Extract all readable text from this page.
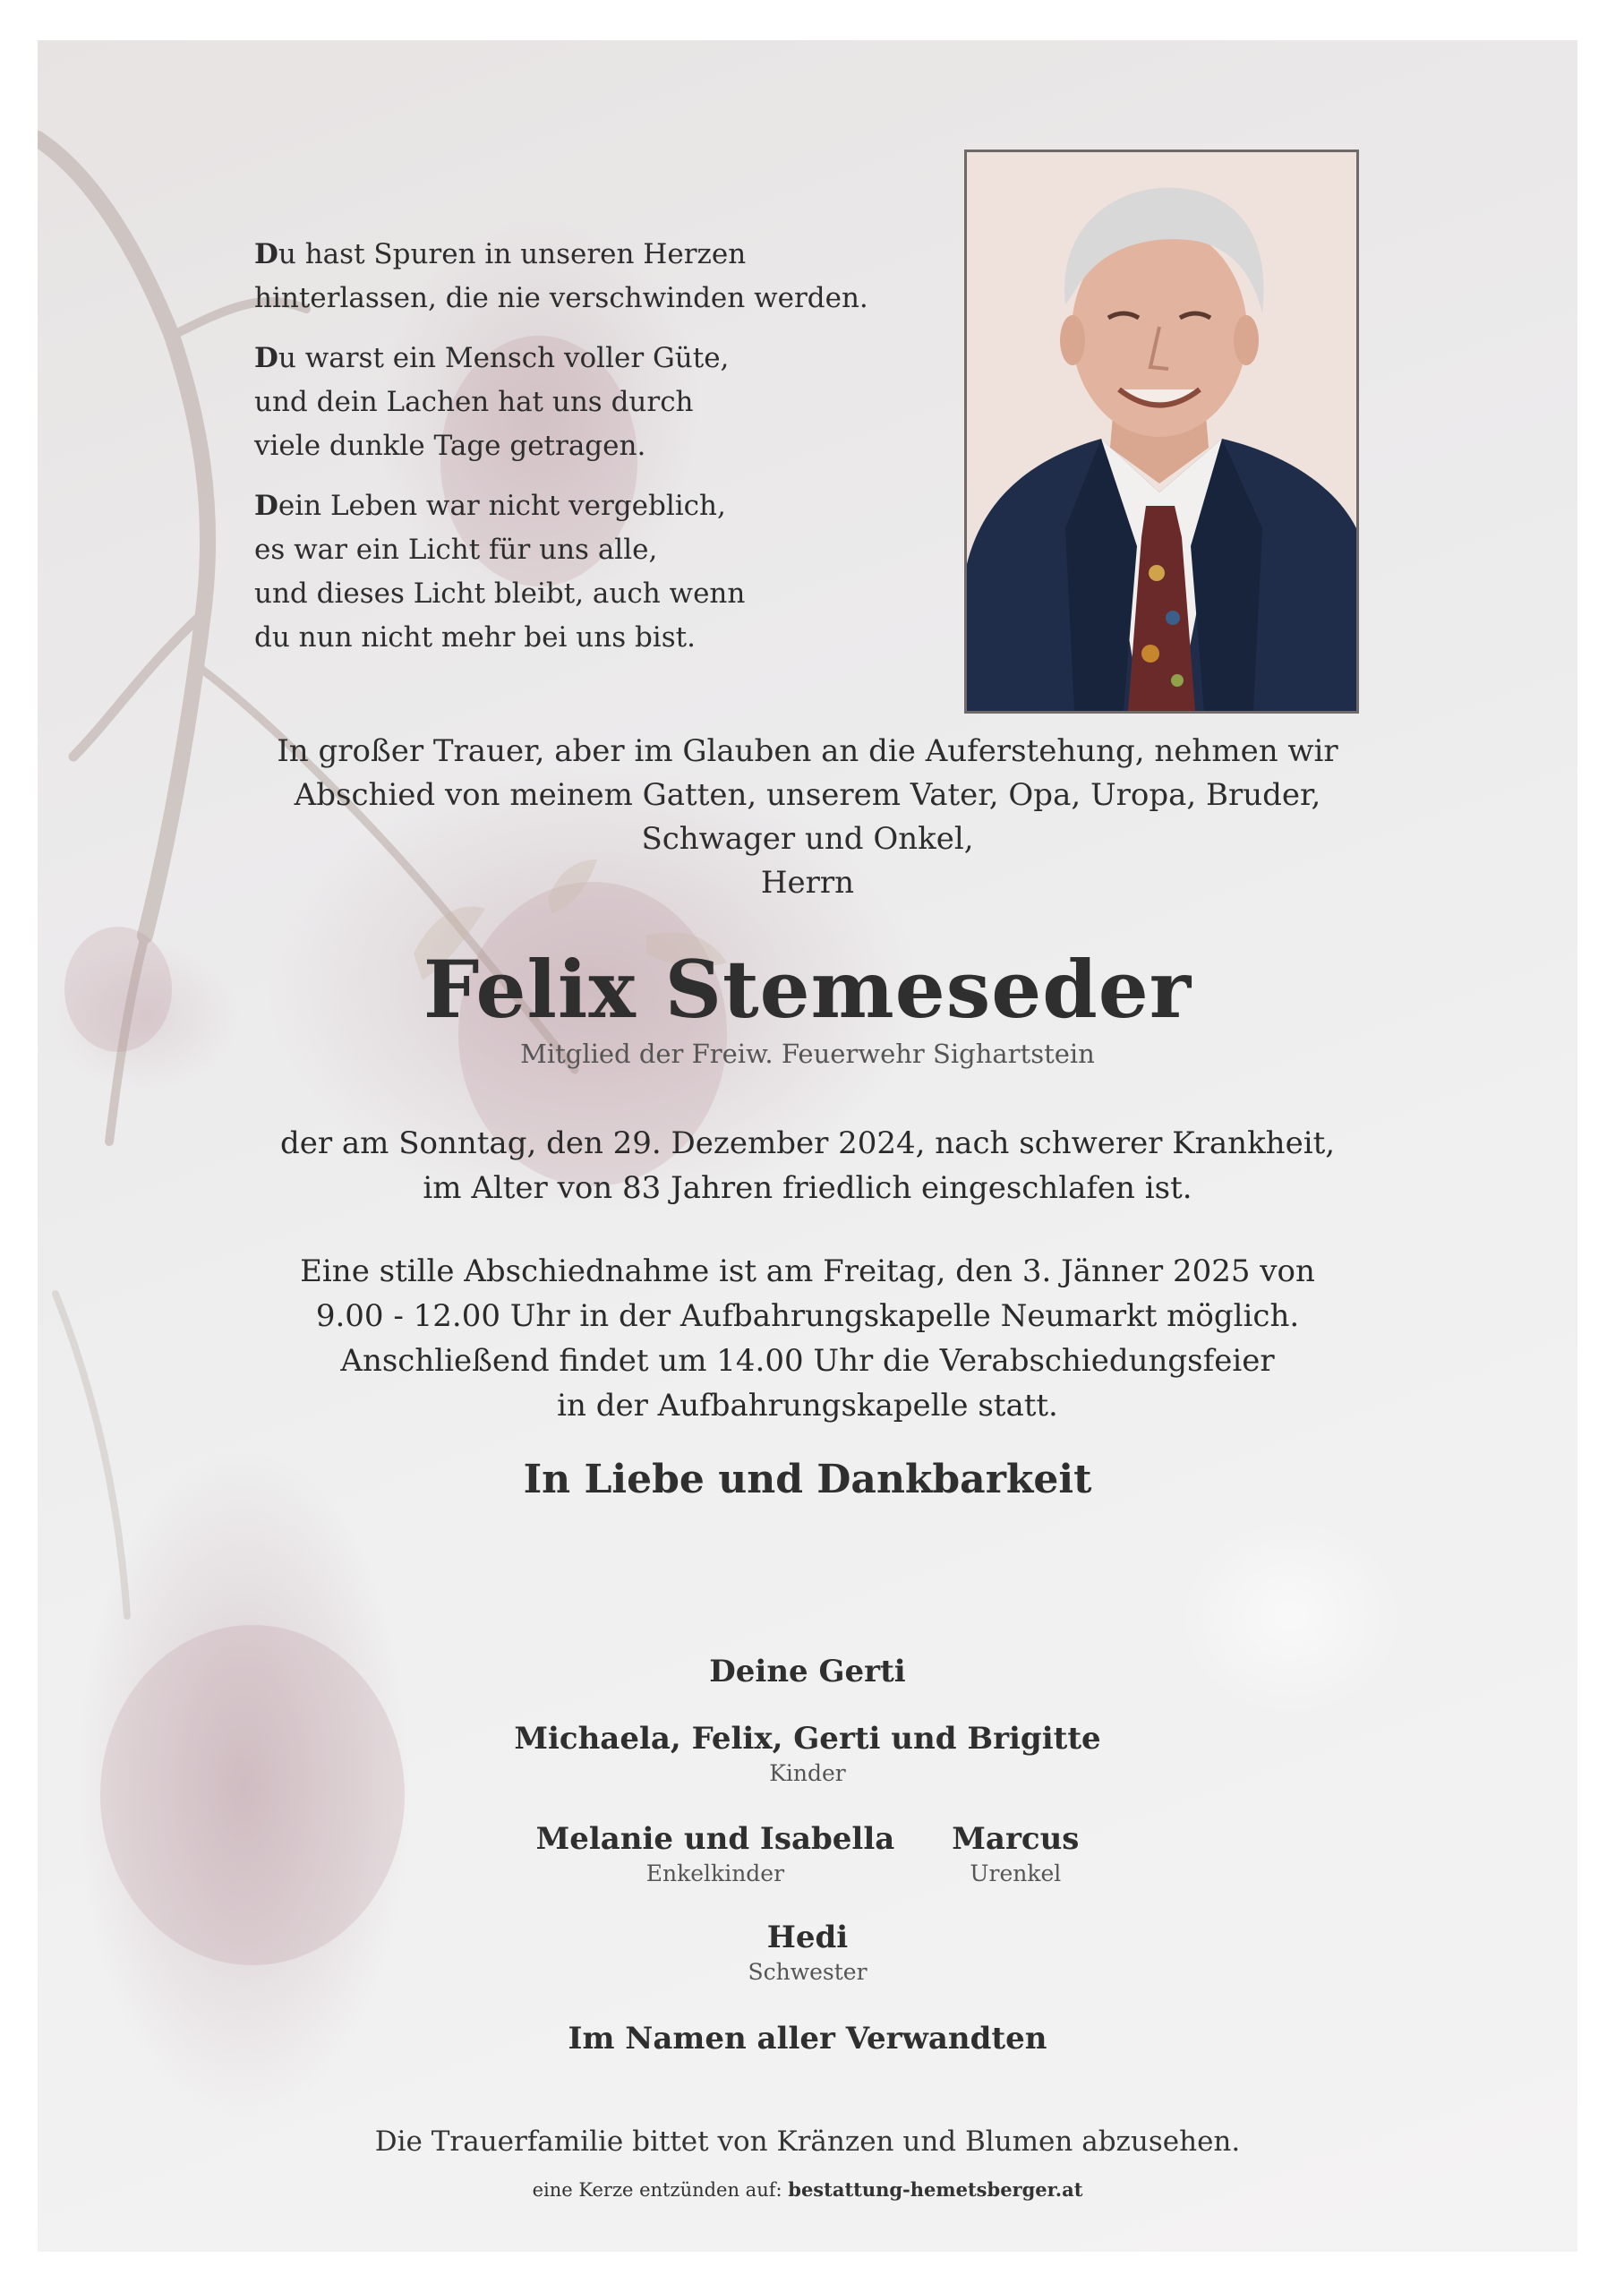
Du hast Spuren in unseren Herzen
hinterlassen, die nie verschwinden werden.

Du warst ein Mensch voller Güte,
und dein Lachen hat uns durch
viele dunkle Tage getragen.

Dein Leben war nicht vergeblich,
es war ein Licht für uns alle,
und dieses Licht bleibt, auch wenn
du nun nicht mehr bei uns bist.

In großer Trauer, aber im Glauben an die Auferstehung, nehmen wir
Abschied von meinem Gatten, unserem Vater, Opa, Uropa, Bruder,
Schwager und Onkel,
Herrn
Felix Stemeseder
Mitglied der Freiw. Feuerwehr Sighartstein
der am Sonntag, den 29. Dezember 2024, nach schwerer Krankheit,
im Alter von 83 Jahren friedlich eingeschlafen ist.
Eine stille Abschiednahme ist am Freitag, den 3. Jänner 2025 von
9.00 - 12.00 Uhr in der Aufbahrungskapelle Neumarkt möglich.
Anschließend findet um 14.00 Uhr die Verabschiedungsfeier
in der Aufbahrungskapelle statt.
In Liebe und Dankbarkeit
Deine Gerti
Michaela, Felix, Gerti und Brigitte
Kinder
Melanie und Isabella
Enkelkinder
Marcus
Urenkel
Hedi
Schwester
Im Namen aller Verwandten
Die Trauerfamilie bittet von Kränzen und Blumen abzusehen.
eine Kerze entzünden auf: bestattung-hemetsberger.at
